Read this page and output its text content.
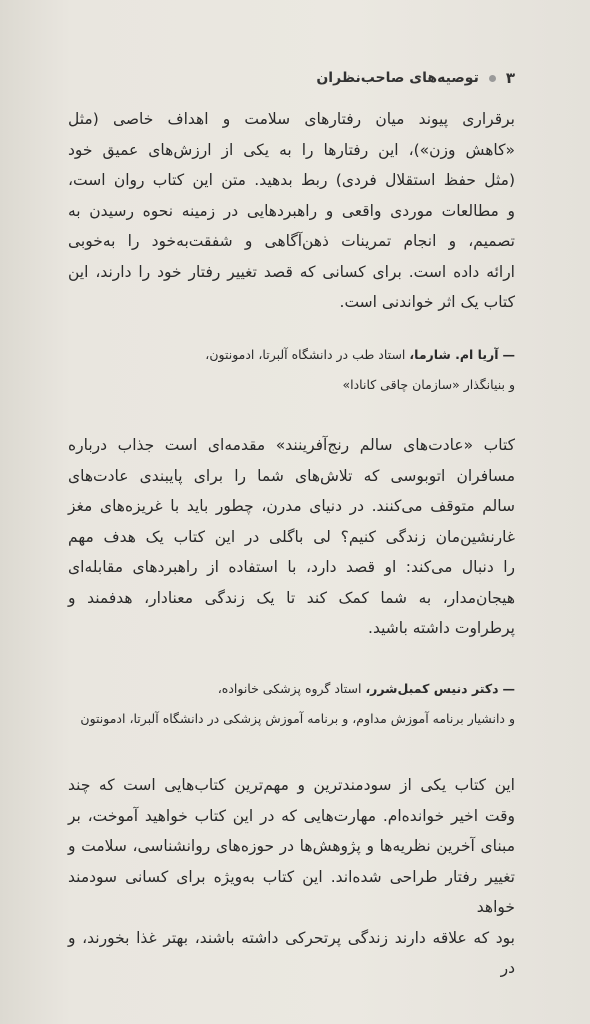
۳
توصیه‌های صاحب‌نظران

برقراری پیوند میان رفتارهای سلامت و اهداف خاصی (مثل
«کاهش وزن»)، این رفتارها را به یکی از ارزش‌های عمیق خود
(مثل حفظ استقلال فردی) ربط بدهید. متن این کتاب روان است،
و مطالعات موردی واقعی و راهبردهایی در زمینه نحوه رسیدن به
تصمیم، و انجام تمرینات ذهن‌آگاهی و شفقت‌به‌خود را به‌خوبی
ارائه داده است. برای کسانی که قصد تغییر رفتار خود را دارند، این
کتاب یک اثر خواندنی است.

— آریا ام. شارما، استاد طب در دانشگاه آلبرتا، ادمونتون،

و بنیانگذار «سازمان چاقی کانادا»

کتاب «عادت‌های سالم رنج‌آفرینند» مقدمه‌ای است جذاب درباره
مسافران اتوبوسی که تلاش‌های شما را برای پایبندی عادت‌های
سالم متوقف می‌کنند. در دنیای مدرن، چطور باید با غریزه‌های مغز
غارنشین‌مان زندگی کنیم؟ لی باگلی در این کتاب یک هدف مهم
را دنبال می‌کند: او قصد دارد، با استفاده از راهبردهای مقابله‌ای
هیجان‌مدار، به شما کمک کند تا یک زندگی معنادار، هدفمند و
پرطراوت داشته باشید.

— دکتر دنیس کمبل‌شرر، استاد گروه پزشکی خانواده،

و دانشیار برنامه آموزش مداوم، و برنامه آموزش پزشکی در دانشگاه آلبرتا، ادمونتون

این کتاب یکی از سودمندترین و مهم‌ترین کتاب‌هایی است که چند
وقت اخیر خوانده‌ام. مهارت‌هایی که در این کتاب خواهید آموخت، بر
مبنای آخرین نظریه‌ها و پژوهش‌ها در حوزه‌های روانشناسی، سلامت و
تغییر رفتار طراحی شده‌اند. این کتاب به‌ویژه برای کسانی سودمند خواهد
بود که علاقه دارند زندگی پرتحرکی داشته باشند، بهتر غذا بخورند، و در
